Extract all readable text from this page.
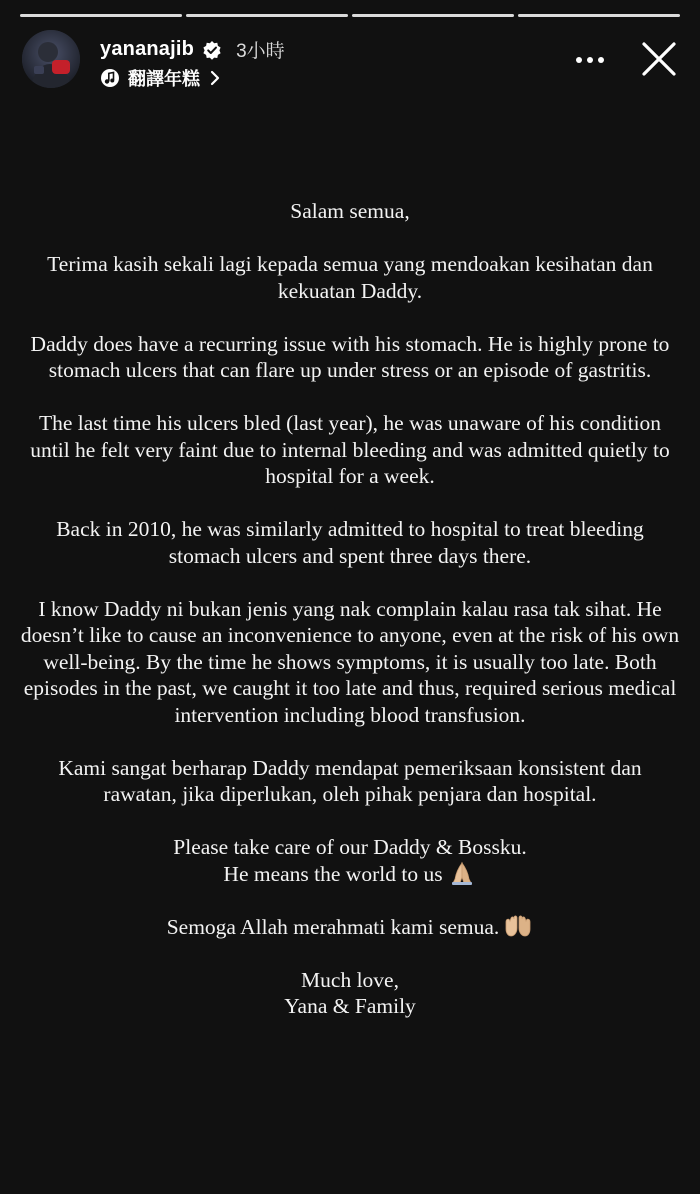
yananajib 3小時
翻譯年糕

Salam semua,

Terima kasih sekali lagi kepada semua yang mendoakan kesihatan dan kekuatan Daddy.

Daddy does have a recurring issue with his stomach. He is highly prone to stomach ulcers that can flare up under stress or an episode of gastritis.

The last time his ulcers bled (last year), he was unaware of his condition until he felt very faint due to internal bleeding and was admitted quietly to hospital for a week.

Back in 2010, he was similarly admitted to hospital to treat bleeding stomach ulcers and spent three days there.

I know Daddy ni bukan jenis yang nak complain kalau rasa tak sihat. He doesn’t like to cause an inconvenience to anyone, even at the risk of his own well-being. By the time he shows symptoms, it is usually too late. Both episodes in the past, we caught it too late and thus, required serious medical intervention including blood transfusion.

Kami sangat berharap Daddy mendapat pemeriksaan konsistent dan rawatan, jika diperlukan, oleh pihak penjara dan hospital.

Please take care of our Daddy & Bossku.
He means the world to us

Semoga Allah merahmati kami semua.

Much love,
Yana & Family
